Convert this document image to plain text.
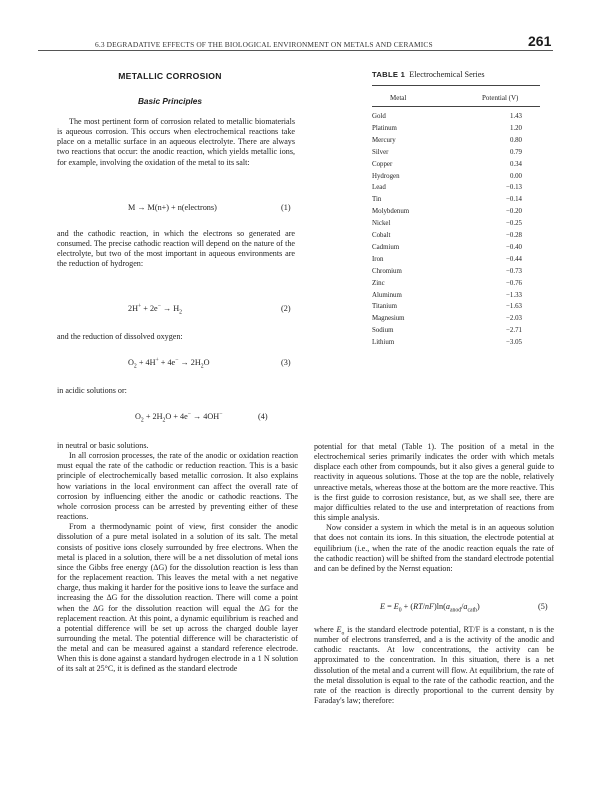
6.3 DEGRADATIVE EFFECTS OF THE BIOLOGICAL ENVIRONMENT ON METALS AND CERAMICS	261
METALLIC CORROSION
Basic Principles

The most pertinent form of corrosion related to metallic biomaterials is aqueous corrosion. This occurs when electrochemical reactions take place on a metallic surface in an aqueous electrolyte. There are always two reactions that occur: the anodic reaction, which yields metallic ions, for example, involving the oxidation of the metal to its salt:

M → M(n+) + n(electrons)	(1)

and the cathodic reaction, in which the electrons so generated are consumed. The precise cathodic reaction will depend on the nature of the electrolyte, but two of the most important in aqueous environments are the reduction of hydrogen:

$2H^+ + 2e^- \to H_2$	(2)
and the reduction of dissolved oxygen:
$O_2 + 4H^+ + 4e^- \to 2H_2O$	(3)
in acidic solutions or:
$O_2 + 2H_2O + 4e^- \to 4OH^-$	(4)

in neutral or basic solutions.

In all corrosion processes, the rate of the anodic or oxidation reaction must equal the rate of the cathodic or reduction reaction. This is a basic principle of electrochemically based metallic corrosion. It also explains how variations in the local environment can affect the overall rate of corrosion by influencing either the anodic or cathodic reactions. The whole corrosion process can be arrested by preventing either of these reactions.

From a thermodynamic point of view, first consider the anodic dissolution of a pure metal isolated in a solution of its salt. The metal consists of positive ions closely surrounded by free electrons. When the metal is placed in a solution, there will be a net dissolution of metal ions since the Gibbs free energy (ΔG) for the dissolution reaction is less than for the replacement reaction. This leaves the metal with a net negative charge, thus making it harder for the positive ions to leave the surface and increasing the ΔG for the dissolution reaction. There will come a point when the ΔG for the dissolution reaction will equal the ΔG for the replacement reaction. At this point, a dynamic equilibrium is reached and a potential difference will be set up across the charged double layer surrounding the metal. The potential difference will be characteristic of the metal and can be measured against a standard reference electrode. When this is done against a standard hydrogen electrode in a 1 N solution of its salt at 25°C, it is defined as the standard electrode

potential for that metal (Table 1). The position of a metal in the electrochemical series primarily indicates the order with which metals displace each other from compounds, but it also gives a general guide to reactivity in aqueous solutions. Those at the top are the noble, relatively unreactive metals, whereas those at the bottom are the more reactive. This is the first guide to corrosion resistance, but, as we shall see, there are major difficulties related to the use and interpretation of reactions from this simple analysis.

Now consider a system in which the metal is in an aqueous solution that does not contain its ions. In this situation, the electrode potential at equilibrium (i.e., when the rate of the anodic reaction equals the rate of the cathodic reaction) will be shifted from the standard electrode potential and can be defined by the Nernst equation:

$E = E_0 + (RT/nF)\ln(a_{anod}/a_{cath})$	(5)

where $E_o$ is the standard electrode potential, RT/F is a constant, n is the number of electrons transferred, and a is the activity of the anodic and cathodic reactants. At low concentrations, the activity can be approximated to the concentration. In this situation, there is a net dissolution of the metal and a current will flow. At equilibrium, the rate of the metal dissolution is equal to the rate of the cathodic reaction, and the rate of the reaction is directly proportional to the current density by Faraday's law; therefore:

TABLE 1 Electrochemical Series
Metal	Potential (V)
Gold	1.43
Platinum	1.20
Mercury	0.80
Silver	0.79
Copper	0.34
Hydrogen	0.00
Lead	−0.13
Tin	−0.14
Molybdenum	−0.20
Nickel	−0.25
Cobalt	−0.28
Cadmium	−0.40
Iron	−0.44
Chromium	−0.73
Zinc	−0.76
Aluminum	−1.33
Titanium	−1.63
Magnesium	−2.03
Sodium	−2.71
Lithium	−3.05
